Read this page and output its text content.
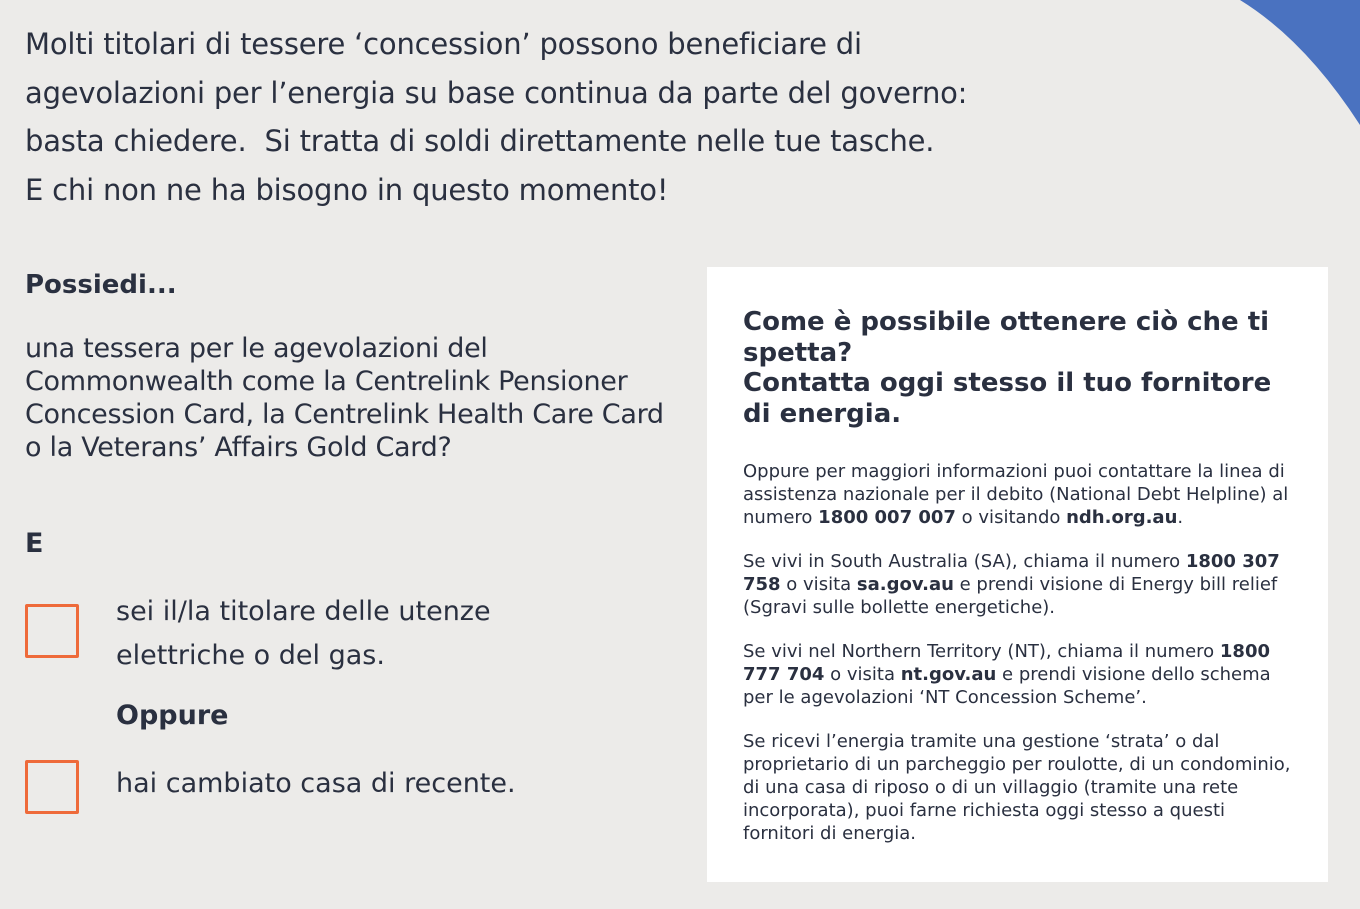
Molti titolari di tessere ‘concession’ possono beneficiare di

agevolazioni per l’energia su base continua da parte del governo:

basta chiedere.  Si tratta di soldi direttamente nelle tue tasche.

E chi non ne ha bisogno in questo momento!

Possiedi...

una tessera per le agevolazioni del Commonwealth come la Centrelink Pensioner Concession Card, la Centrelink Health Care Card o la Veterans’ Affairs Gold Card?

E

sei il/la titolare delle utenze elettriche o del gas.

Oppure

hai cambiato casa di recente.

Come è possibile ottenere ciò che ti spetta?
Contatta oggi stesso il tuo fornitore di energia.

Oppure per maggiori informazioni puoi contattare la linea di assistenza nazionale per il debito (National Debt Helpline) al numero 1800 007 007 o visitando ndh.org.au.

Se vivi in South Australia (SA), chiama il numero 1800 307 758 o visita sa.gov.au e prendi visione di Energy bill relief (Sgravi sulle bollette energetiche).

Se vivi nel Northern Territory (NT), chiama il numero 1800 777 704 o visita nt.gov.au e prendi visione dello schema per le agevolazioni ‘NT Concession Scheme’.

Se ricevi l’energia tramite una gestione ‘strata’ o dal proprietario di un parcheggio per roulotte, di un condominio, di una casa di riposo o di un villaggio (tramite una rete incorporata), puoi farne richiesta oggi stesso a questi fornitori di energia.
